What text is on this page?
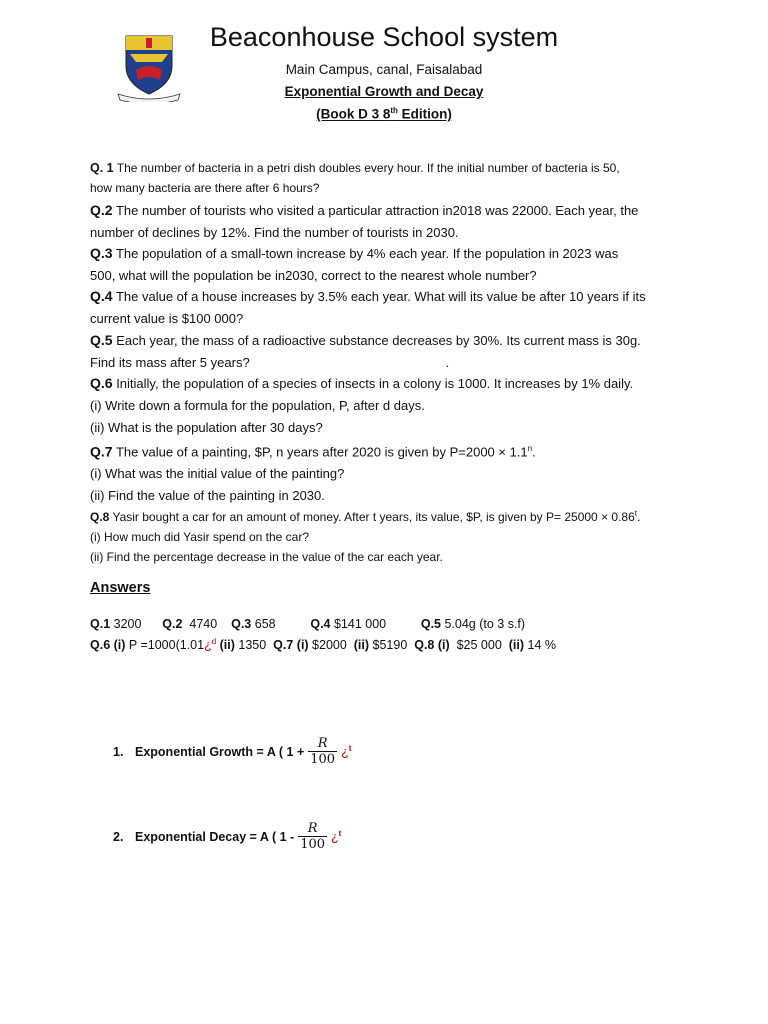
Beaconhouse School system
Main Campus, canal, Faisalabad
Exponential Growth and Decay
(Book D 3 8th Edition)
Q. 1 The number of bacteria in a petri dish doubles every hour. If the initial number of bacteria is 50,
how many bacteria are there after 6 hours?
Q.2 The number of tourists who visited a particular attraction in2018 was 22000. Each year, the
number of declines by 12%. Find the number of tourists in 2030.
Q.3 The population of a small-town increase by 4% each year. If the population in 2023 was
500, what will the population be in2030, correct to the nearest whole number?
Q.4 The value of a house increases by 3.5% each year. What will its value be after 10 years if its
current value is $100 000?
Q.5 Each year, the mass of a radioactive substance decreases by 30%. Its current mass is 30g.
Find its mass after 5 years?	.
Q.6 Initially, the population of a species of insects in a colony is 1000. It increases by 1% daily.
(i) Write down a formula for the population, P, after d days.
(ii) What is the population after 30 days?
Q.7 The value of a painting, $P, n years after 2020 is given by $P=2000 \times 1.1^n$.
(i) What was the initial value of the painting?
(ii) Find the value of the painting in 2030.
Q.8 Yasir bought a car for an amount of money. After t years, its value, $P, is given by $P= 25000 \times 0.86^t$.
(i) How much did Yasir spend on the car?
(ii) Find the percentage decrease in the value of the car each year.
Answers
Q.1 3200 Q.2  4740 Q.3 658	Q.4 $141 000	Q.5 5.04g (to 3 s.f)
Q.6 (i) P =1000(1.01¿$^d$ (ii) 1350 Q.7 (i) $2000 (ii) $5190 Q.8 (i)  $25 000 (ii) 14 %
1. Exponential Growth = A ( $1 + \frac{R}{100}$ ¿$^t$
2. Exponential Decay = A ( $1 - \frac{R}{100}$ ¿$^t$
